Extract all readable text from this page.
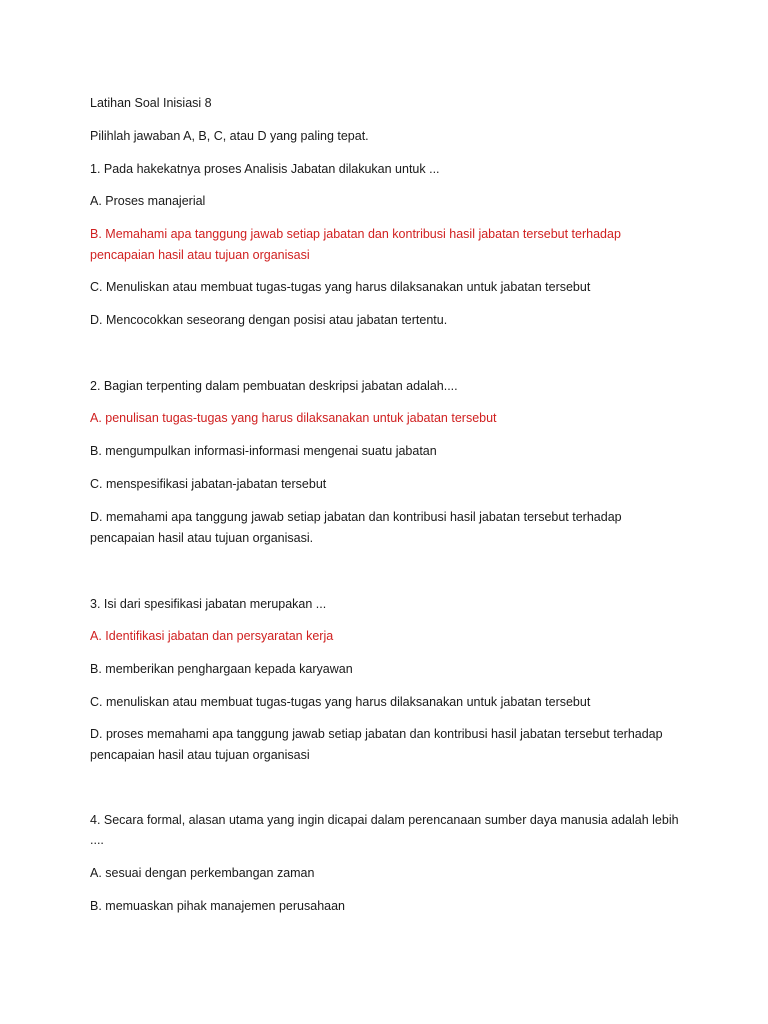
Latihan Soal Inisiasi 8
Pilihlah jawaban A, B, C, atau D yang paling tepat.
1. Pada hakekatnya proses Analisis Jabatan dilakukan untuk ...
A. Proses manajerial
B. Memahami apa tanggung jawab setiap jabatan dan kontribusi hasil jabatan tersebut terhadap
pencapaian hasil atau tujuan organisasi
C. Menuliskan atau membuat tugas-tugas yang harus dilaksanakan untuk jabatan tersebut
D. Mencocokkan seseorang dengan posisi atau jabatan tertentu.
2. Bagian terpenting dalam pembuatan deskripsi jabatan adalah....
A. penulisan tugas-tugas yang harus dilaksanakan untuk jabatan tersebut
B. mengumpulkan informasi-informasi mengenai suatu jabatan
C. menspesifikasi jabatan-jabatan tersebut
D. memahami apa tanggung jawab setiap jabatan dan kontribusi hasil jabatan tersebut terhadap
pencapaian hasil atau tujuan organisasi.
3. Isi dari spesifikasi jabatan merupakan ...
A. Identifikasi jabatan dan persyaratan kerja
B. memberikan penghargaan kepada karyawan
C. menuliskan atau membuat tugas-tugas yang harus dilaksanakan untuk jabatan tersebut
D. proses memahami apa tanggung jawab setiap jabatan dan kontribusi hasil jabatan tersebut terhadap
pencapaian hasil atau tujuan organisasi
4. Secara formal, alasan utama yang ingin dicapai dalam perencanaan sumber daya manusia adalah lebih
....
A. sesuai dengan perkembangan zaman
B. memuaskan pihak manajemen perusahaan
